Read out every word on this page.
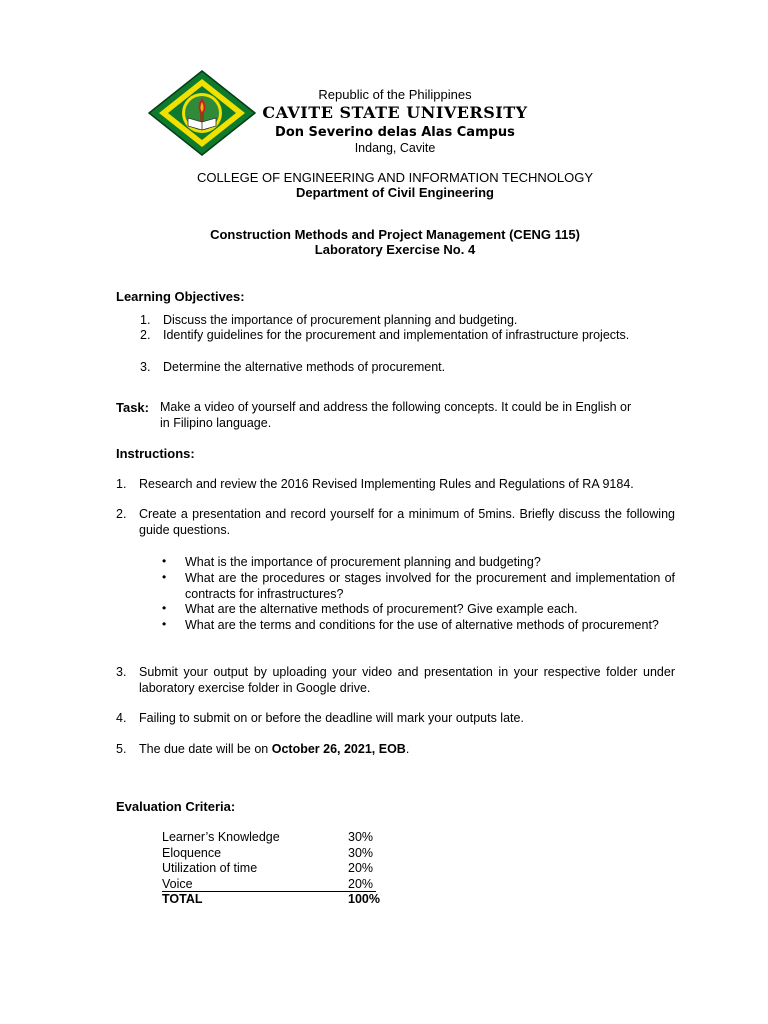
Republic of the Philippines
CAVITE STATE UNIVERSITY
Don Severino delas Alas Campus
Indang, Cavite
COLLEGE OF ENGINEERING AND INFORMATION TECHNOLOGY
Department of Civil Engineering
Construction Methods and Project Management (CENG 115)
Laboratory Exercise No. 4
Learning Objectives:
1. Discuss the importance of procurement planning and budgeting.
2. Identify guidelines for the procurement and implementation of infrastructure projects.
3. Determine the alternative methods of procurement.
Task: Make a video of yourself and address the following concepts. It could be in English or in Filipino language.
Instructions:
1. Research and review the 2016 Revised Implementing Rules and Regulations of RA 9184.
2. Create a presentation and record yourself for a minimum of 5mins. Briefly discuss the following guide questions.
• What is the importance of procurement planning and budgeting?
• What are the procedures or stages involved for the procurement and implementation of contracts for infrastructures?
• What are the alternative methods of procurement? Give example each.
• What are the terms and conditions for the use of alternative methods of procurement?
3. Submit your output by uploading your video and presentation in your respective folder under laboratory exercise folder in Google drive.
4. Failing to submit on or before the deadline will mark your outputs late.
5. The due date will be on October 26, 2021, EOB.
Evaluation Criteria:
Learner’s Knowledge	30%
Eloquence	30%
Utilization of time	20%
Voice	20%
TOTAL	100%
